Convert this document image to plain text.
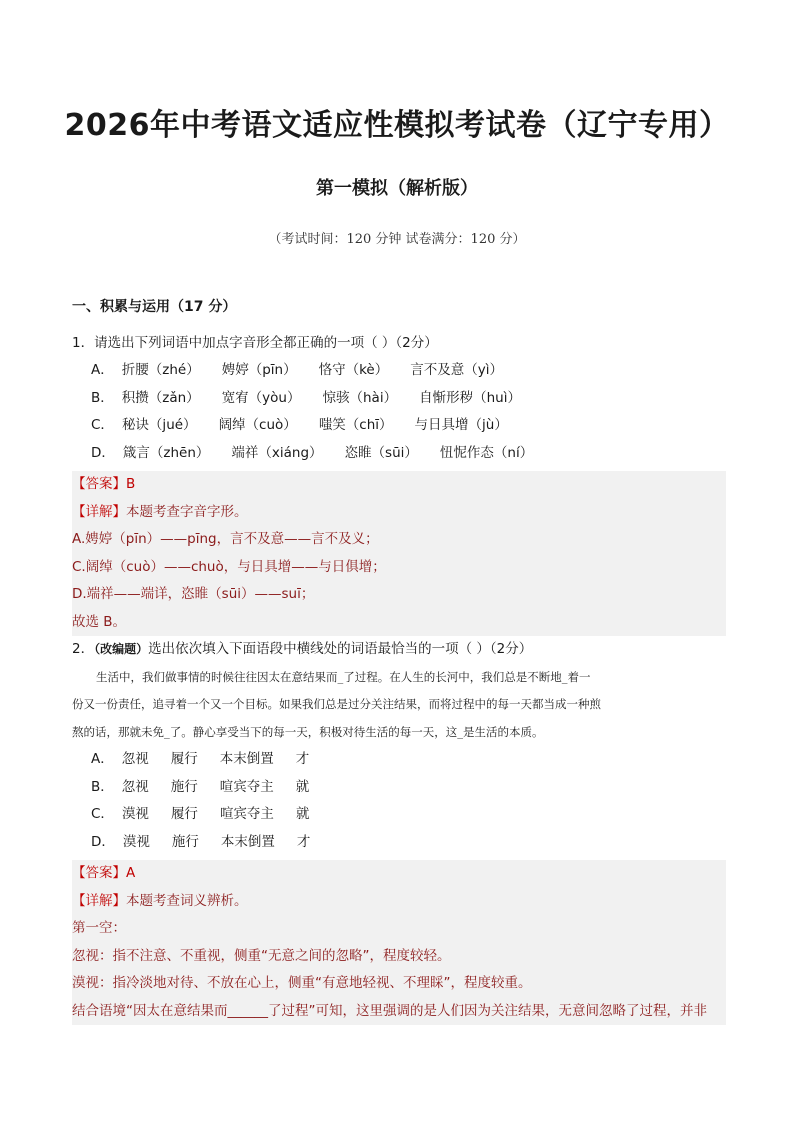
2026年中考语文适应性模拟考试卷（辽宁专用）
第一模拟（解析版）
（考试时间：120 分钟 试卷满分：120 分）
一、积累与运用（17 分）
1．请选出下列词语中加点字音形全都正确的一项（ ）（2分）
A． 折腰（zhé） 娉婷（pīn） 恪守（kè） 言不及意（yì）
B． 积攒（zǎn） 宽宥（yòu） 惊骇（hài） 自惭形秽（huì）
C． 秘诀（jué） 阔绰（cuò） 嗤笑（chī） 与日具增（jù）
D． 箴言（zhēn） 端祥（xiáng） 恣睢（sūi） 忸怩作态（ní）
【答案】B
【详解】本题考查字音字形。
A.娉婷（pīn）——pīng，言不及意——言不及义；
C.阔绰（cuò）——chuò，与日具增——与日俱增；
D.端祥——端详，恣睢（sūi）——suī；
故选 B。
2．（改编题）选出依次填入下面语段中横线处的词语最恰当的一项（ ）（2分）
生活中，我们做事情的时候往往因太在意结果而_了过程。在人生的长河中，我们总是不断地_着一
份又一份责任，追寻着一个又一个目标。如果我们总是过分关注结果，而将过程中的每一天都当成一种煎
熬的话，那就未免_了。静心享受当下的每一天，积极对待生活的每一天，这_是生活的本质。
A． 忽视 履行 本末倒置 才
B． 忽视 施行 喧宾夺主 就
C． 漠视 履行 喧宾夺主 就
D． 漠视 施行 本末倒置 才
【答案】A
【详解】本题考查词义辨析。
第一空：
忽视：指不注意、不重视，侧重“无意之间的忽略”，程度较轻。
漠视：指冷淡地对待、不放在心上，侧重“有意地轻视、不理睬”，程度较重。
结合语境“因太在意结果而______了过程”可知，这里强调的是人们因为关注结果，无意间忽略了过程，并非
